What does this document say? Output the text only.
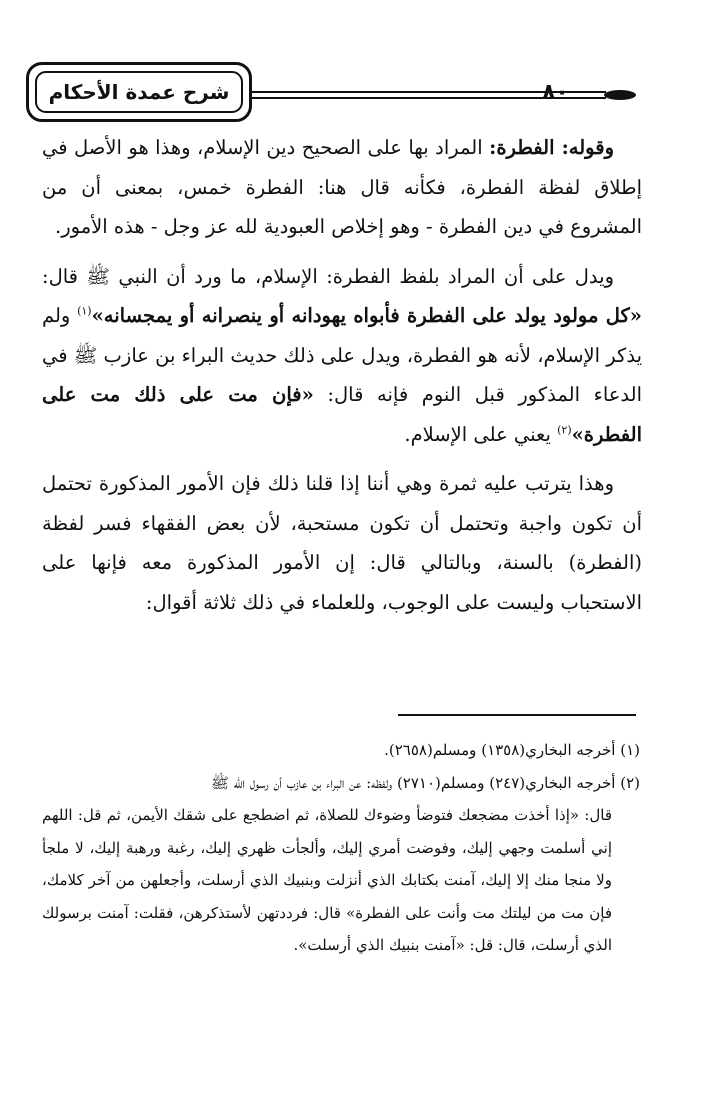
شرح عمدة الأحكام	٨٠

وقوله: الفطرة: المراد بها على الصحيح دين الإسلام، وهذا هو الأصل في إطلاق لفظة الفطرة، فكأنه قال هنا: الفطرة خمس، بمعنى أن من المشروع في دين الفطرة - وهو إخلاص العبودية لله عز وجل - هذه الأمور.

ويدل على أن المراد بلفظ الفطرة: الإسلام، ما ورد أن النبي ﷺ قال: «كل مولود يولد على الفطرة فأبواه يهودانه أو ينصرانه أو يمجسانه»$^{(١)}$ ولم يذكر الإسلام، لأنه هو الفطرة، ويدل على ذلك حديث البراء بن عازب ﷺ في الدعاء المذكور قبل النوم فإنه قال: «فإن مت على ذلك مت على الفطرة»$^{(٢)}$ يعني على الإسلام.

وهذا يترتب عليه ثمرة وهي أننا إذا قلنا ذلك فإن الأمور المذكورة تحتمل أن تكون واجبة وتحتمل أن تكون مستحبة، لأن بعض الفقهاء فسر لفظة (الفطرة) بالسنة، وبالتالي قال: إن الأمور المذكورة معه فإنها على الاستحباب وليست على الوجوب، وللعلماء في ذلك ثلاثة أقوال:

(١) أخرجه البخاري(١٣٥٨) ومسلم(٢٦٥٨).

(٢) أخرجه البخاري(٢٤٧) ومسلم(٢٧١٠) ولفظه: عن البراء بن عازب أن رسول الله ﷺ

قال: «إذا أخذت مضجعك فتوضأ وضوءك للصلاة، ثم اضطجع على شقك الأيمن، ثم قل: اللهم إني أسلمت وجهي إليك، وفوضت أمري إليك، وألجأت ظهري إليك، رغبة ورهبة إليك، لا ملجأ ولا منجا منك إلا إليك، آمنت بكتابك الذي أنزلت وبنبيك الذي أرسلت، وأجعلهن من آخر كلامك، فإن مت من ليلتك مت وأنت على الفطرة» قال: فرددتهن لأستذكرهن، فقلت: آمنت برسولك الذي أرسلت، قال: قل: «آمنت بنبيك الذي أرسلت».
